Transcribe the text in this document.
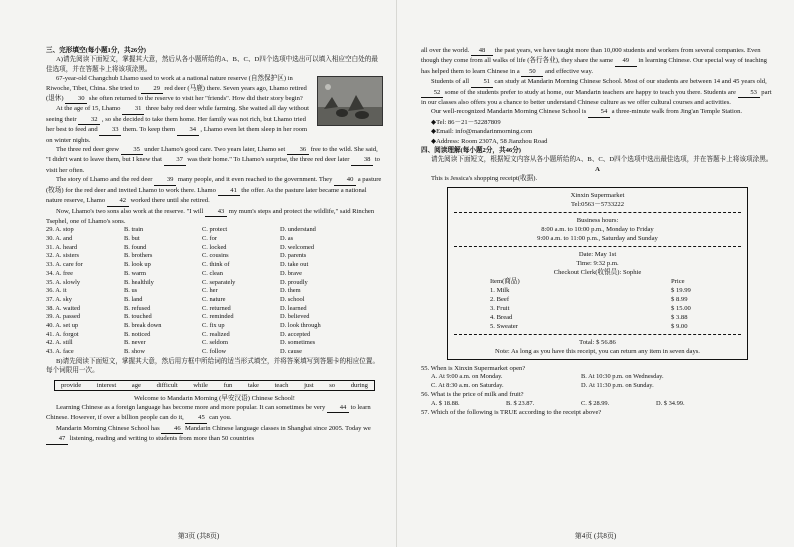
三、完形填空(每小题1分，共26分)

A)请先阅读下面短文，掌握其大意，然后从各小题所给的A、B、C、D四个选项中选出可以填入相应空白处的最佳选项，并在答题卡上将该项涂黑。

67-year-old Changchub Lhamo used to work at a national nature reserve (自然保护区) in Riwoche, Tibet, China. She tried to 29 red deer (马鹿) there. Seven years ago, Lhamo retired (退休) 30 she often returned to the reserve to visit her "friends". How did their story begin?

At the age of 15, Lhamo 31 three baby red deer while farming. She waited all day without seeing their 32 , so she decided to take them home. Her family was not rich, but Lhamo tried her best to feed and 33 them. To keep them 34 , Lhamo even let them sleep in her room on winter nights.

The three red deer grew 35 under Lhamo's good care. Two years later, Lhamo set 36 free to the wild. She said, "I didn't want to leave them, but I knew that 37 was their home." To Lhamo's surprise, the three red deer later 38 to visit her often.

The story of Lhamo and the red deer 39 many people, and it even reached to the government. They 40 a pasture (牧场) for the red deer and invited Lhamo to work there. Lhamo 41 the offer. As the pasture later became a national nature reserve, Lhamo 42 worked there until she retired.

Now, Lhamo's two sons also work at the reserve. "I will 43 my mum's steps and protect the wildlife," said Rinchen Tsephel, one of Lhamo's sons.

29. A. stop	B. train	C. protect	D. understand
30. A. and	B. but	C. for	D. as
31. A. heard	B. found	C. locked	D. welcomed
32. A. sisters	B. brothers	C. cousins	D. parents
33. A. care for	B. look up	C. think of	D. take out
34. A. free	B. warm	C. clean	D. brave
35. A. slowly	B. healthily	C. separately	D. proudly
36. A. it	B. us	C. her	D. them
37. A. sky	B. land	C. nature	D. school
38. A. waited	B. refused	C. returned	D. learned
39. A. passed	B. touched	C. reminded	D. believed
40. A. set up	B. break down	C. fix up	D. look through
41. A. forgot	B. noticed	C. realized	D. accepted
42. A. still	B. never	C. seldom	D. sometimes
43. A. face	B. show	C. follow	D. cause

B)请先阅读下面短文，掌握其大意，然后用方框中所给词的适当形式填空，并将答案填写到答题卡的相应位置。每个词限用一次。

provide interest age difficult while fun take teach just so during

Welcome to Mandarin Morning (早安汉语) Chinese School!

Learning Chinese as a foreign language has become more and more popular. It can sometimes be very 44 to learn Chinese. However, if over a billion people can do it, 45 can you.

Mandarin Morning Chinese School has 46 Mandarin Chinese language classes in Shanghai since 2005. Today we 47 listening, reading and writing to students from more than 50 countries

第3页 (共8页)

all over the world. 48 the past years, we have taught more than 10,000 students and workers from several companies. Even though they come from all walks of life (各行各业), they share the same 49 in learning Chinese. Our special way of teaching has helped them to learn Chinese in a 50 and effective way.

Students of all 51 can study at Mandarin Morning Chinese School. Most of our students are between 14 and 45 years old, 52 some of the students prefer to study at home, our Mandarin teachers are happy to teach you there. Students are 53 part in our classes also offers you a chance to better understand Chinese culture as we offer cultural courses and activities.

Our well-recognized Mandarin Morning Chinese School is 54 a three-minute walk from Jing'an Temple Station.

◆Tel: 86－21－52287809

◆Email: info@mandarinmorning.com

◆Address: Room 2307A, 58 Jianzhou Road

四、阅读理解(每小题2分，共46分)

请先阅读下面短文，根据短文内容从各小题所给的A、B、C、D四个选项中选出最佳选项，并在答题卡上将该项涂黑。

A

This is Jessica's shopping receipt(收据).

Xinxin Supermarket
Tel:0563－5733222
Business hours:
8:00 a.m. to 10:00 p.m., Monday to Friday
9:00 a.m. to 11:00 p.m., Saturday and Sunday
Date: May 1st
Time: 9:32 p.m.
Checkout Clerk(收银员): Sophie
Item(商品)	Price
1. Milk	$ 19.99
2. Beef	$ 8.99
3. Fruit	$ 15.00
4. Bread	$ 3.88
5. Sweater	$ 9.00
Total: $ 56.86
Note: As long as you have this receipt, you can return any item in seven days.

55. When is Xinxin Supermarket open?

A. At 9:00 a.m. on Monday.	B. At 10:30 p.m. on Wednesday.
C. At 8:30 a.m. on Saturday.	D. At 11:30 p.m. on Sunday.

56. What is the price of milk and fruit?

A. $ 18.88.	B. $ 23.87.	C. $ 28.99.	D. $ 34.99.

57. Which of the following is TRUE according to the receipt above?

第4页 (共8页)
